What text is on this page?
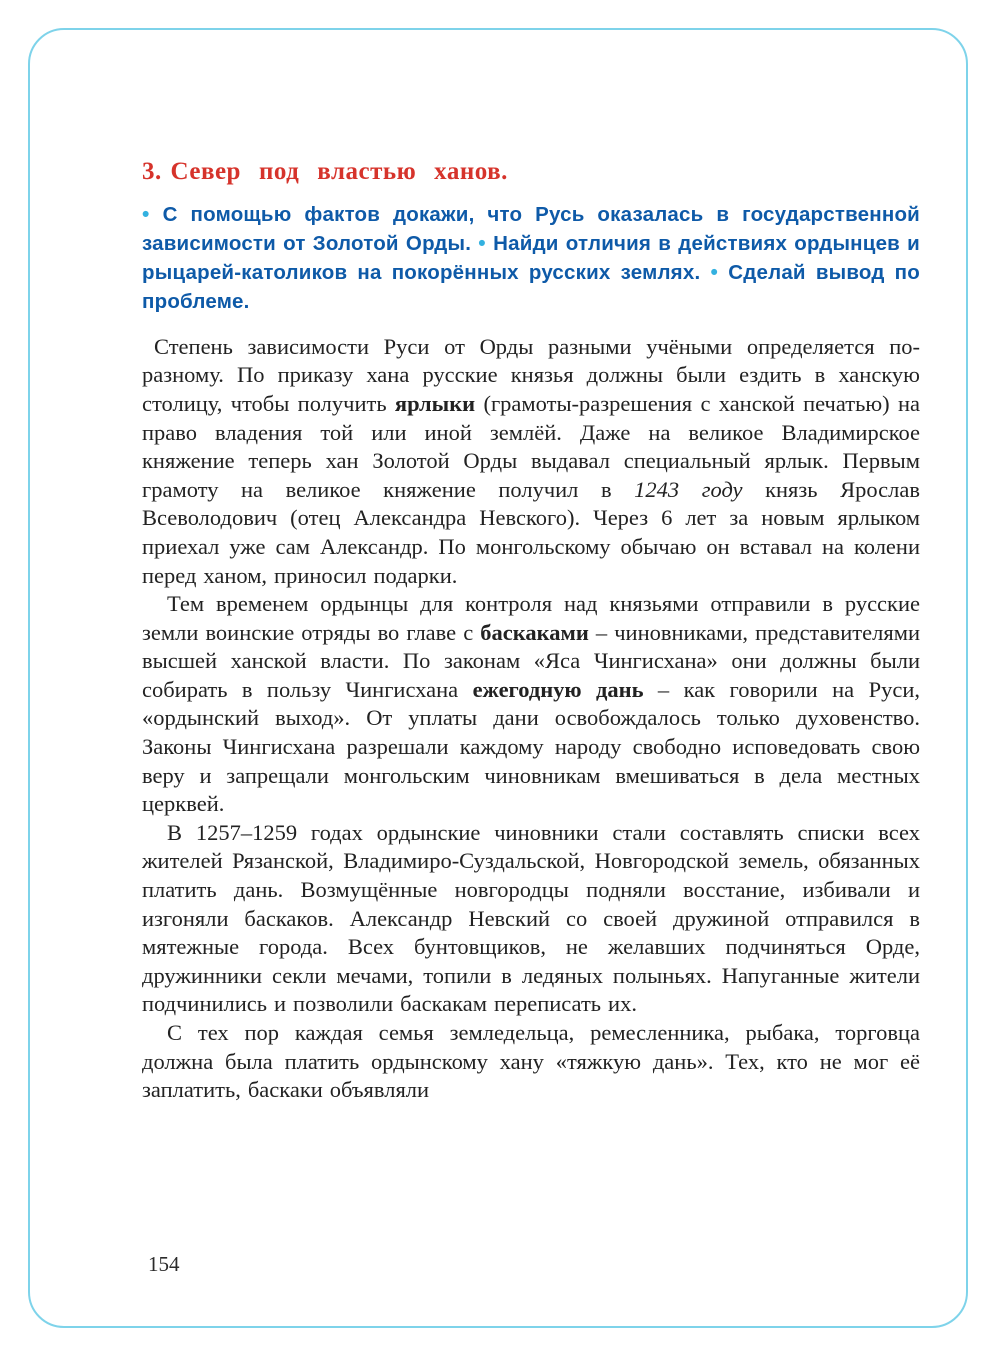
3. Север под властью ханов.

• С помощью фактов докажи, что Русь оказалась в государственной зависимости от Золотой Орды. • Найди отличия в действиях ордынцев и рыцарей-католиков на покорённых русских землях. • Сделай вывод по проблеме.

Степень зависимости Руси от Орды разными учёными определяется по-разному. По приказу хана русские князья должны были ездить в ханскую столицу, чтобы получить ярлыки (грамоты-разрешения с ханской печатью) на право владения той или иной землёй. Даже на великое Владимирское княжение теперь хан Золотой Орды выдавал специальный ярлык. Первым грамоту на великое княжение получил в 1243 году князь Ярослав Всеволодович (отец Александра Невского). Через 6 лет за новым ярлыком приехал уже сам Александр. По монгольскому обычаю он вставал на колени перед ханом, приносил подарки.

Тем временем ордынцы для контроля над князьями отправили в русские земли воинские отряды во главе с баскаками – чиновниками, представителями высшей ханской власти. По законам «Яса Чингисхана» они должны были собирать в пользу Чингисхана ежегодную дань – как говорили на Руси, «ордынский выход». От уплаты дани освобождалось только духовенство. Законы Чингисхана разрешали каждому народу свободно исповедовать свою веру и запрещали монгольским чиновникам вмешиваться в дела местных церквей.

В 1257–1259 годах ордынские чиновники стали составлять списки всех жителей Рязанской, Владимиро-Суздальской, Новгородской земель, обязанных платить дань. Возмущённые новгородцы подняли восстание, избивали и изгоняли баскаков. Александр Невский со своей дружиной отправился в мятежные города. Всех бунтовщиков, не желавших подчиняться Орде, дружинники секли мечами, топили в ледяных полыньях. Напуганные жители подчинились и позволили баскакам переписать их.

С тех пор каждая семья земледельца, ремесленника, рыбака, торговца должна была платить ордынскому хану «тяжкую дань». Тех, кто не мог её заплатить, баскаки объявляли

154
